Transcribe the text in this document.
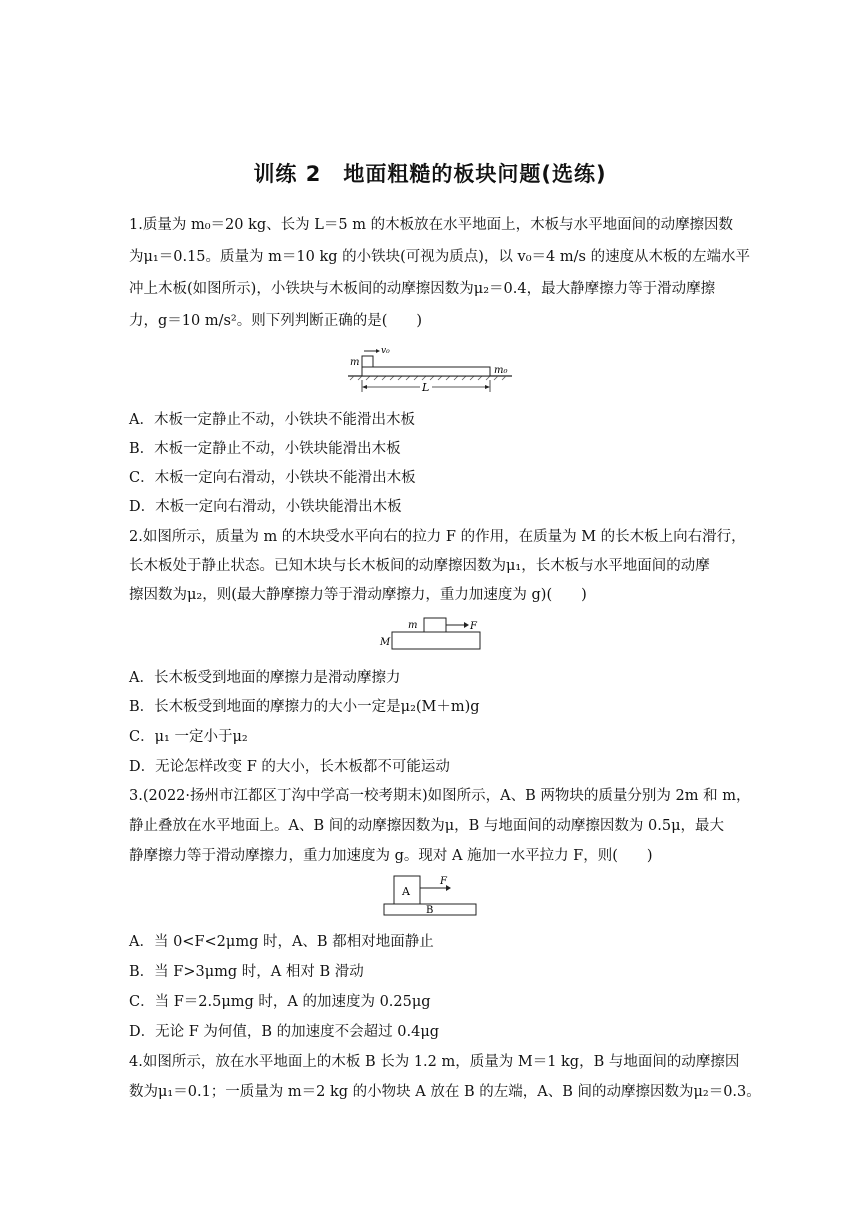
训练 2　地面粗糙的板块问题(选练)
1.质量为 m₀＝20 kg、长为 L＝5 m 的木板放在水平地面上，木板与水平地面间的动摩擦因数
为μ₁＝0.15。质量为 m＝10 kg 的小铁块(可视为质点)，以 v₀＝4 m/s 的速度从木板的左端水平
冲上木板(如图所示)，小铁块与木板间的动摩擦因数为μ₂＝0.4，最大静摩擦力等于滑动摩擦
力，g＝10 m/s²。则下列判断正确的是(　　)
v₀
m
m₀
L
A．木板一定静止不动，小铁块不能滑出木板
B．木板一定静止不动，小铁块能滑出木板
C．木板一定向右滑动，小铁块不能滑出木板
D．木板一定向右滑动，小铁块能滑出木板
2.如图所示，质量为 m 的木块受水平向右的拉力 F 的作用，在质量为 M 的长木板上向右滑行，
长木板处于静止状态。已知木块与长木板间的动摩擦因数为μ₁，长木板与水平地面间的动摩
擦因数为μ₂，则(最大静摩擦力等于滑动摩擦力，重力加速度为 g)(　　)
F
m
M
A．长木板受到地面的摩擦力是滑动摩擦力
B．长木板受到地面的摩擦力的大小一定是μ₂(M＋m)g
C．μ₁ 一定小于μ₂
D．无论怎样改变 F 的大小，长木板都不可能运动
3.(2022·扬州市江都区丁沟中学高一校考期末)如图所示，A、B 两物块的质量分别为 2m 和 m，
静止叠放在水平地面上。A、B 间的动摩擦因数为μ，B 与地面间的动摩擦因数为 0.5μ，最大
静摩擦力等于滑动摩擦力，重力加速度为 g。现对 A 施加一水平拉力 F，则(　　)
A
B
F
A．当 0<F<2μmg 时，A、B 都相对地面静止
B．当 F>3μmg 时，A 相对 B 滑动
C．当 F＝2.5μmg 时，A 的加速度为 0.25μg
D．无论 F 为何值，B 的加速度不会超过 0.4μg
4.如图所示，放在水平地面上的木板 B 长为 1.2 m，质量为 M＝1 kg，B 与地面间的动摩擦因
数为μ₁＝0.1；一质量为 m＝2 kg 的小物块 A 放在 B 的左端，A、B 间的动摩擦因数为μ₂＝0.3。
